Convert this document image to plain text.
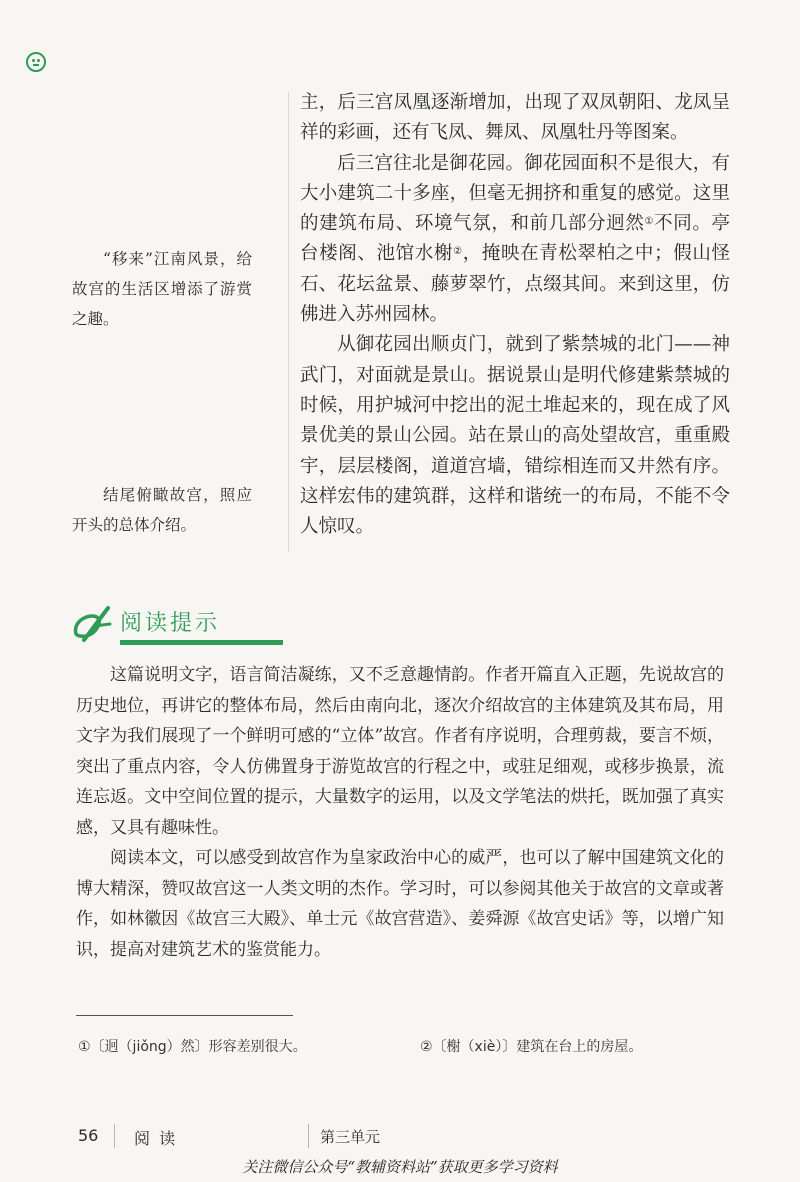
主，后三宫凤凰逐渐增加，出现了双凤朝阳、龙凤呈祥的彩画，还有飞凤、舞凤、凤凰牡丹等图案。

后三宫往北是御花园。御花园面积不是很大，有大小建筑二十多座，但毫无拥挤和重复的感觉。这里的建筑布局、环境气氛，和前几部分迥然①不同。亭台楼阁、池馆水榭②，掩映在青松翠柏之中；假山怪石、花坛盆景、藤萝翠竹，点缀其间。来到这里，仿佛进入苏州园林。

从御花园出顺贞门，就到了紫禁城的北门——神武门，对面就是景山。据说景山是明代修建紫禁城的时候，用护城河中挖出的泥土堆起来的，现在成了风景优美的景山公园。站在景山的高处望故宫，重重殿宇，层层楼阁，道道宫墙，错综相连而又井然有序。这样宏伟的建筑群，这样和谐统一的布局，不能不令人惊叹。

“移来”江南风景，给故宫的生活区增添了游赏之趣。

结尾俯瞰故宫，照应开头的总体介绍。

阅读提示

这篇说明文字，语言简洁凝练，又不乏意趣情韵。作者开篇直入正题，先说故宫的历史地位，再讲它的整体布局，然后由南向北，逐次介绍故宫的主体建筑及其布局，用文字为我们展现了一个鲜明可感的“立体”故宫。作者有序说明，合理剪裁，要言不烦，突出了重点内容，令人仿佛置身于游览故宫的行程之中，或驻足细观，或移步换景，流连忘返。文中空间位置的提示，大量数字的运用，以及文学笔法的烘托，既加强了真实感，又具有趣味性。

阅读本文，可以感受到故宫作为皇家政治中心的威严，也可以了解中国建筑文化的博大精深，赞叹故宫这一人类文明的杰作。学习时，可以参阅其他关于故宫的文章或著作，如林徽因《故宫三大殿》、单士元《故宫营造》、姜舜源《故宫史话》等，以增广知识，提高对建筑艺术的鉴赏能力。

①〔迥（jiǒng）然〕形容差别很大。	②〔榭（xiè）〕建筑在台上的房屋。
56 阅 读	第三单元
关注微信公众号“教辅资料站”获取更多学习资料
